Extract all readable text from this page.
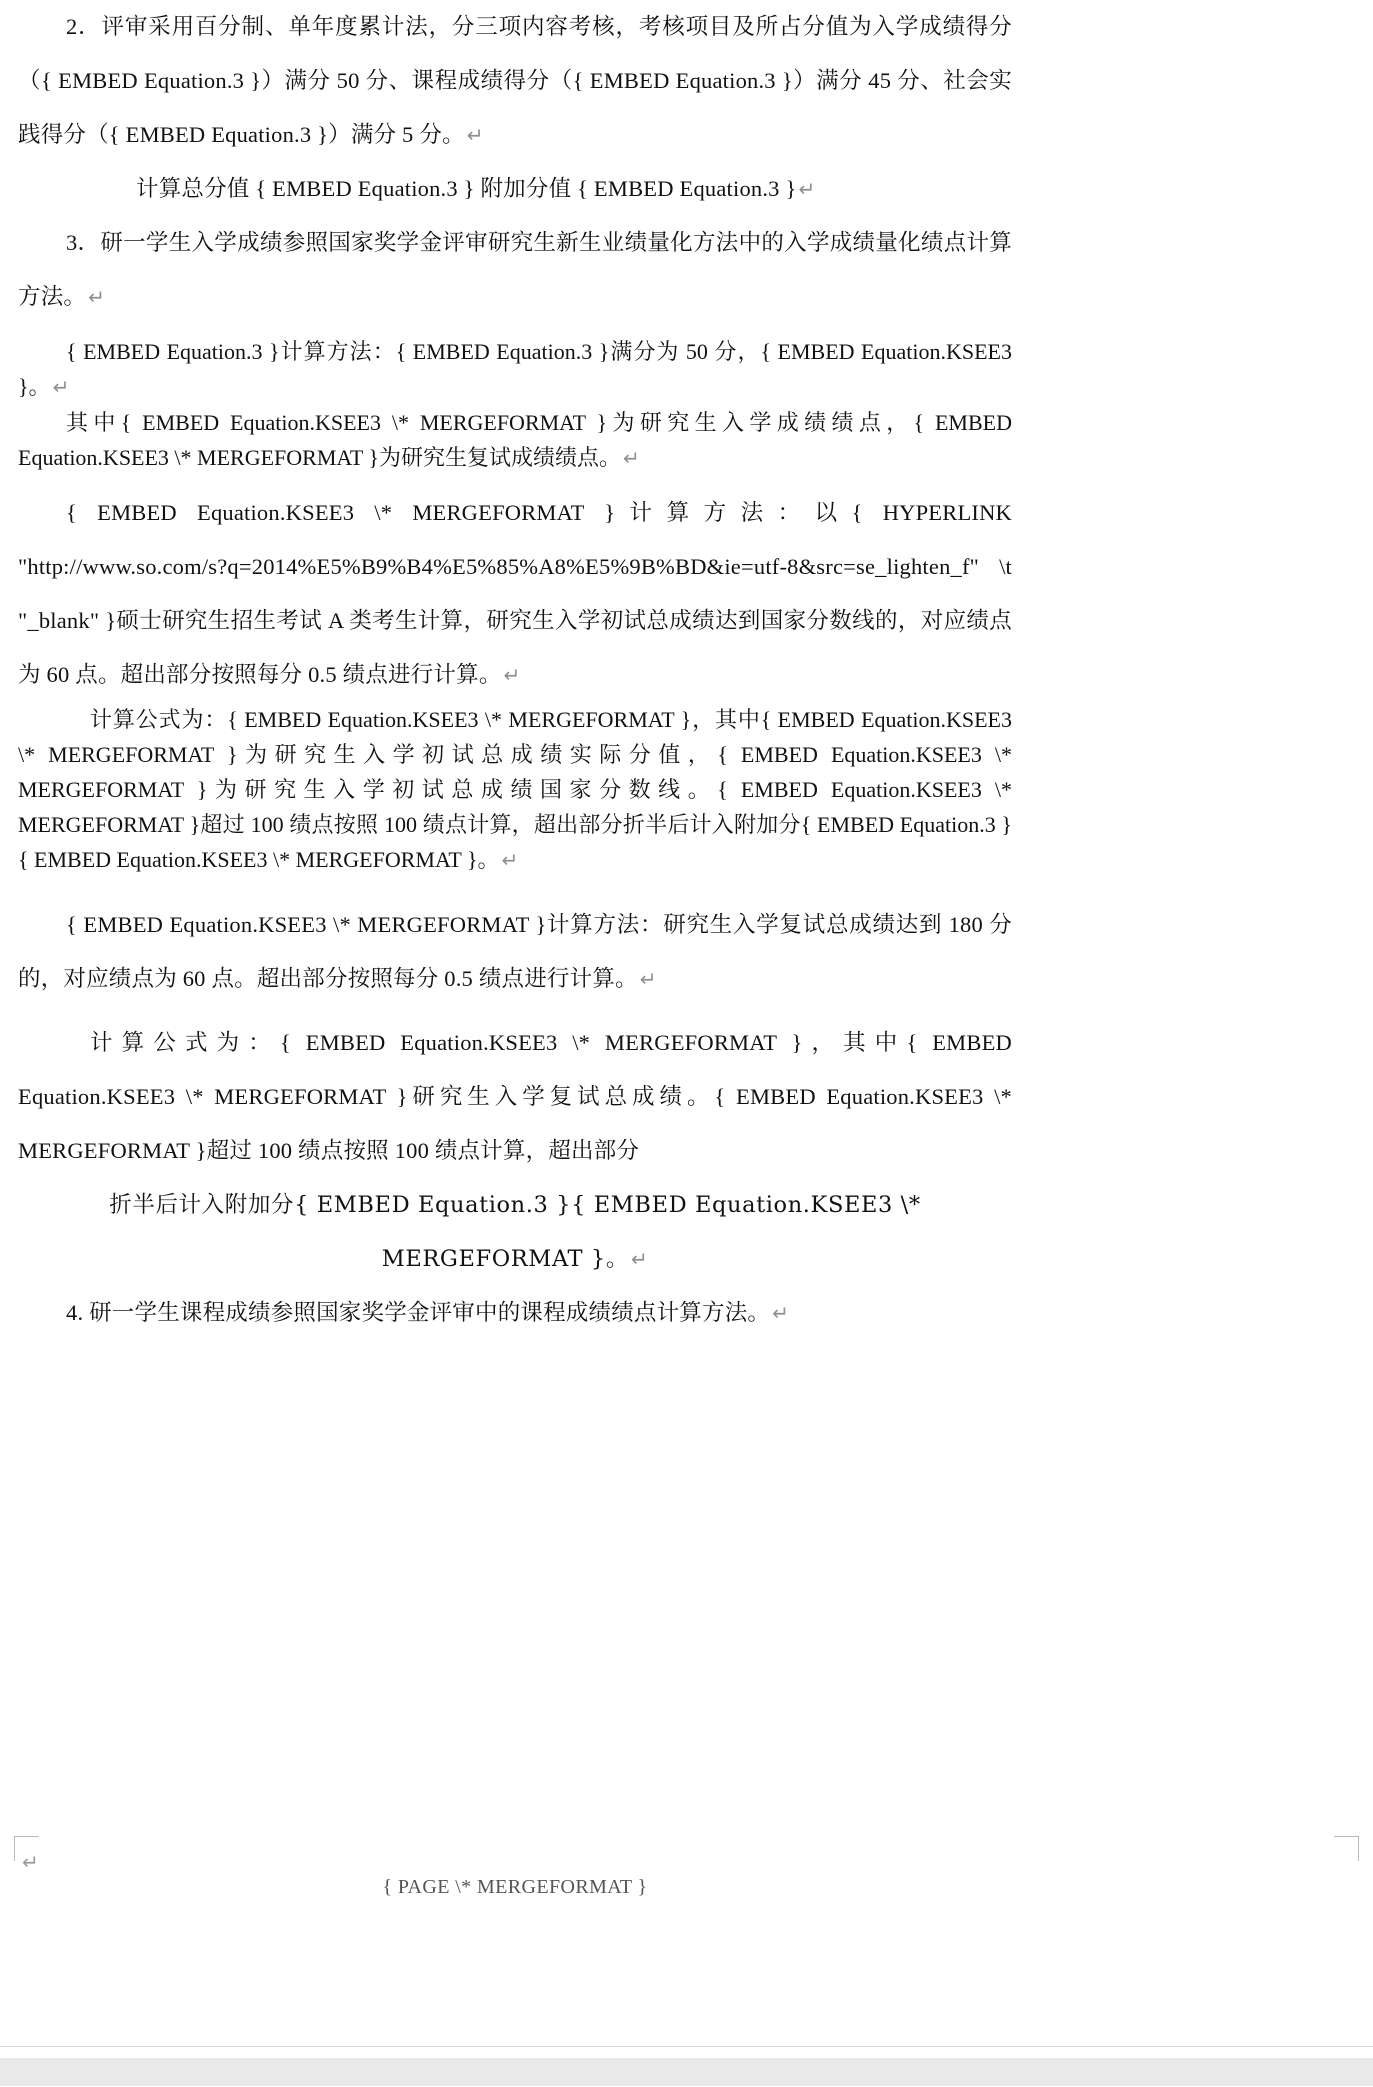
2．评审采用百分制、单年度累计法，分三项内容考核，考核项目及所占分值为入学成绩得分（{ EMBED Equation.3 }）满分 50 分、课程成绩得分（{ EMBED Equation.3 }）满分 45 分、社会实践得分（{ EMBED Equation.3 }）满分 5 分。 ↵

计算总分值 { EMBED Equation.3 } 附加分值 { EMBED Equation.3 } ↵

3．研一学生入学成绩参照国家奖学金评审研究生新生业绩量化方法中的入学成绩量化绩点计算方法。 ↵

{ EMBED Equation.3 }计算方法：{ EMBED Equation.3 }满分为 50 分，{ EMBED Equation.KSEE3 }。 ↵

其中{ EMBED Equation.KSEE3 \* MERGEFORMAT }为研究生入学成绩绩点，{ EMBED Equation.KSEE3 \* MERGEFORMAT }为研究生复试成绩绩点。 ↵

{ EMBED Equation.KSEE3 \* MERGEFORMAT }计算方法：以{ HYPERLINK "http://www.so.com/s?q=2014%E5%B9%B4%E5%85%A8%E5%9B%BD&ie=utf-8&src=se_lighten_f" \t "_blank" }硕士研究生招生考试 A 类考生计算，研究生入学初试总成绩达到国家分数线的，对应绩点为 60 点。超出部分按照每分 0.5 绩点进行计算。 ↵

计算公式为：{ EMBED Equation.KSEE3 \* MERGEFORMAT }，其中{ EMBED Equation.KSEE3 \* MERGEFORMAT }为研究生入学初试总成绩实际分值，{ EMBED Equation.KSEE3 \* MERGEFORMAT }为研究生入学初试总成绩国家分数线。{ EMBED Equation.KSEE3 \* MERGEFORMAT }超过 100 绩点按照 100 绩点计算，超出部分折半后计入附加分{ EMBED Equation.3 }{ EMBED Equation.KSEE3 \* MERGEFORMAT }。 ↵

{ EMBED Equation.KSEE3 \* MERGEFORMAT }计算方法：研究生入学复试总成绩达到 180 分的，对应绩点为 60 点。超出部分按照每分 0.5 绩点进行计算。 ↵

计算公式为：{ EMBED Equation.KSEE3 \* MERGEFORMAT }，其中{ EMBED Equation.KSEE3 \* MERGEFORMAT }研究生入学复试总成绩。{ EMBED Equation.KSEE3 \* MERGEFORMAT }超过 100 绩点按照 100 绩点计算，超出部分

折半后计入附加分{ EMBED Equation.3 }{ EMBED Equation.KSEE3 \* MERGEFORMAT }。 ↵

4. 研一学生课程成绩参照国家奖学金评审中的课程成绩绩点计算方法。 ↵

↵
{ PAGE \* MERGEFORMAT }
